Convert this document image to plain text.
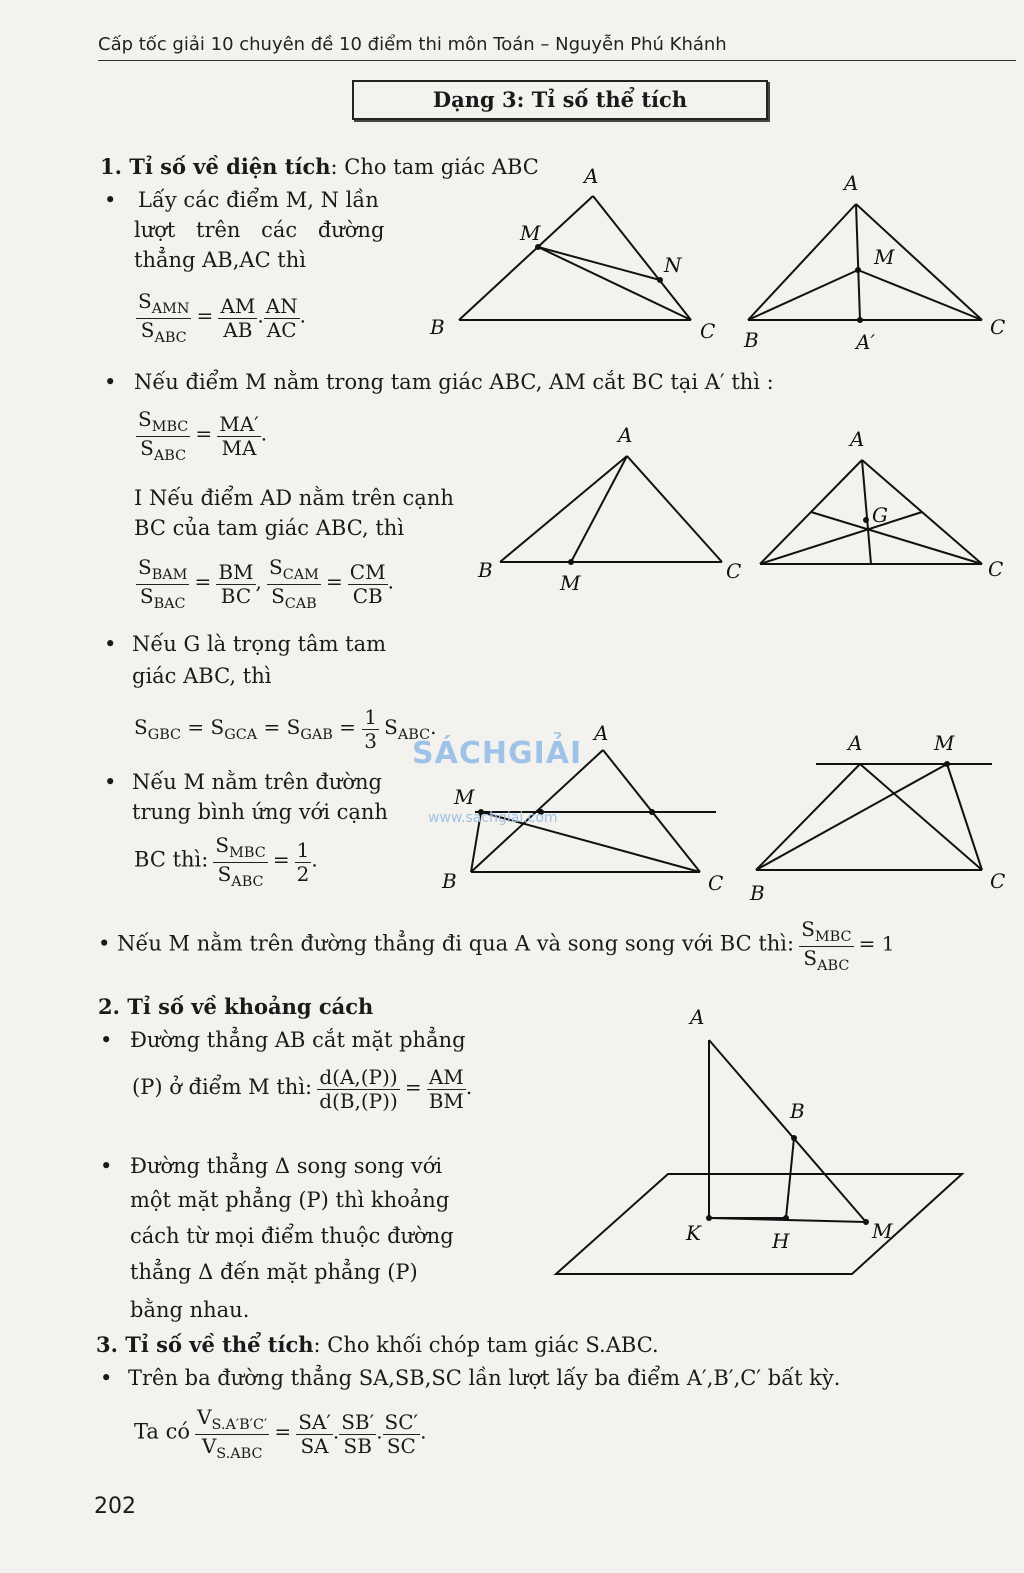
Cấp tốc giải 10 chuyên đề 10 điểm thi môn Toán – Nguyễn Phú Khánh
Dạng 3: Tỉ số thể tích
1. Tỉ số về diện tích: Cho tam giác ABC
• Lấy các điểm M, N lần
lượt trên các đường
thẳng AB,AC thì
$\frac{S_{AMN}}{S_{ABC}} = \frac{AM}{AB}$ . $\frac{AN}{AC}$ .
• Nếu điểm M nằm trong tam giác ABC, AM cắt BC tại A′ thì :
$\frac{S_{MBC}}{S_{ABC}} = \frac{MA'}{MA}$ .
I Nếu điểm AD nằm trên cạnh
BC của tam giác ABC, thì
$\frac{S_{BAM}}{S_{BAC}} = \frac{BM}{BC}$ , $\frac{S_{CAM}}{S_{CAB}} = \frac{CM}{CB}$ .
• Nếu G là trọng tâm tam
giác ABC, thì
$S_{GBC} = S_{GCA} = S_{GAB} = \frac{1}{3} S_{ABC}$.
• Nếu M nằm trên đường
trung bình ứng với cạnh
BC thì: $\frac{S_{MBC}}{S_{ABC}} = \frac{1}{2}$ .
• Nếu M nằm trên đường thẳng đi qua A và song song với BC thì: $\frac{S_{MBC}}{S_{ABC}} = 1$
2. Tỉ số về khoảng cách
• Đường thẳng AB cắt mặt phẳng
(P) ở điểm M thì: $\frac{d(A,(P))}{d(B,(P))} = \frac{AM}{BM}$ .
• Đường thẳng Δ song song với
một mặt phẳng (P) thì khoảng
cách từ mọi điểm thuộc đường
thẳng Δ đến mặt phẳng (P)
bằng nhau.
3. Tỉ số về thể tích: Cho khối chóp tam giác S.ABC.
• Trên ba đường thẳng SA,SB,SC lần lượt lấy ba điểm A′,B′,C′ bất kỳ.
Ta có $\frac{V_{S.A'B'C'}}{V_{S.ABC}} = \frac{SA'}{SA}$ . $\frac{SB'}{SB}$ . $\frac{SC'}{SC}$ .
202
A
M
N
B	C
A
M
B	A′
C
A
B
M	C
A
G
C
A
M
B	C
A	M
B	C
A
B
K	H	M
SÁCHGIẢI
www.sachgiai.com
